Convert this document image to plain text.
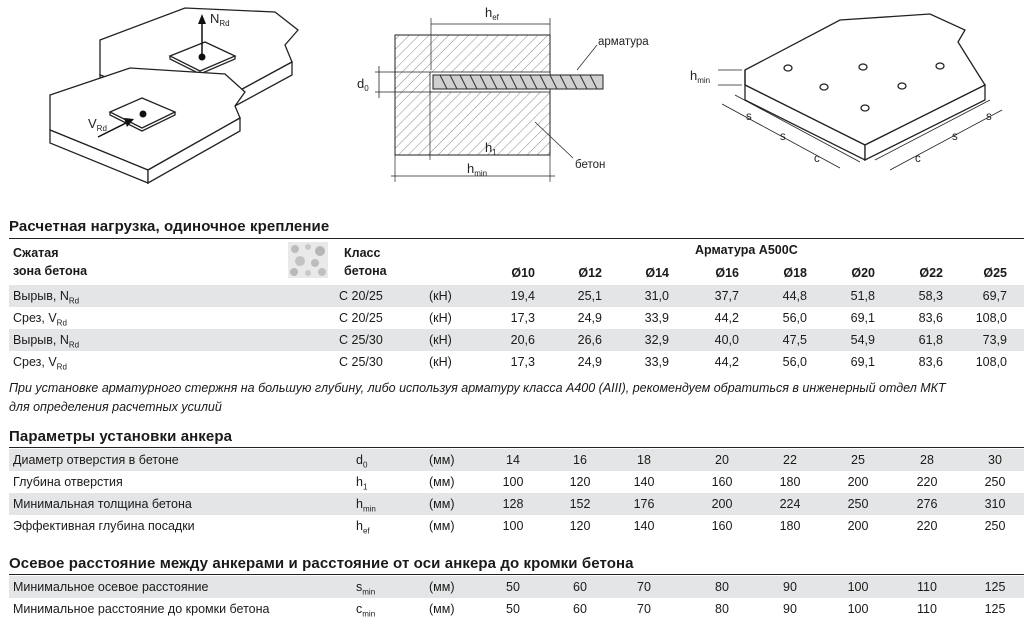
$N_{Rd}$
$V_{Rd}$
$h_{ef}$
$d_0$
$h_1$
$h_{min}$
арматура
бетон
$h_{min}$
s
s
c	c
s
s
Расчетная нагрузка, одиночное крепление
Сжатая
зона бетона
Класс
бетона
Арматура А500С
Ø10	Ø12	Ø14	Ø16	Ø18	Ø20	Ø22	Ø25
Вырыв, $N_{Rd}$	C 20/25	(кН)	19,4	25,1	31,0	37,7	44,8	51,8	58,3	69,7
Срез, $V_{Rd}$	C 20/25	(кН)	17,3	24,9	33,9	44,2	56,0	69,1	83,6	108,0
Вырыв, $N_{Rd}$	C 25/30	(кН)	20,6	26,6	32,9	40,0	47,5	54,9	61,8	73,9
Срез, $V_{Rd}$	C 25/30	(кН)	17,3	24,9	33,9	44,2	56,0	69,1	83,6	108,0
При установке арматурного стержня на большую глубину, либо используя арматуру класса А400 (AIII), рекомендуем обратиться в инженерный отдел МКТ
для определения расчетных усилий
Параметры установки анкера
Диаметр отверстия в бетоне	$d_0$	(мм)	14	16	18	20	22	25	28	30
Глубина отверстия	$h_1$	(мм)	100	120	140	160	180	200	220	250
Минимальная толщина бетона	$h_{min}$	(мм)	128	152	176	200	224	250	276	310
Эффективная глубина посадки	$h_{ef}$	(мм)	100	120	140	160	180	200	220	250
Осевое расстояние между анкерами и расстояние от оси анкера до кромки бетона
Минимальное осевое расстояние	$s_{min}$	(мм)	50	60	70	80	90	100	110	125
Минимальное расстояние до кромки бетона	$c_{min}$	(мм)	50	60	70	80	90	100	110	125
